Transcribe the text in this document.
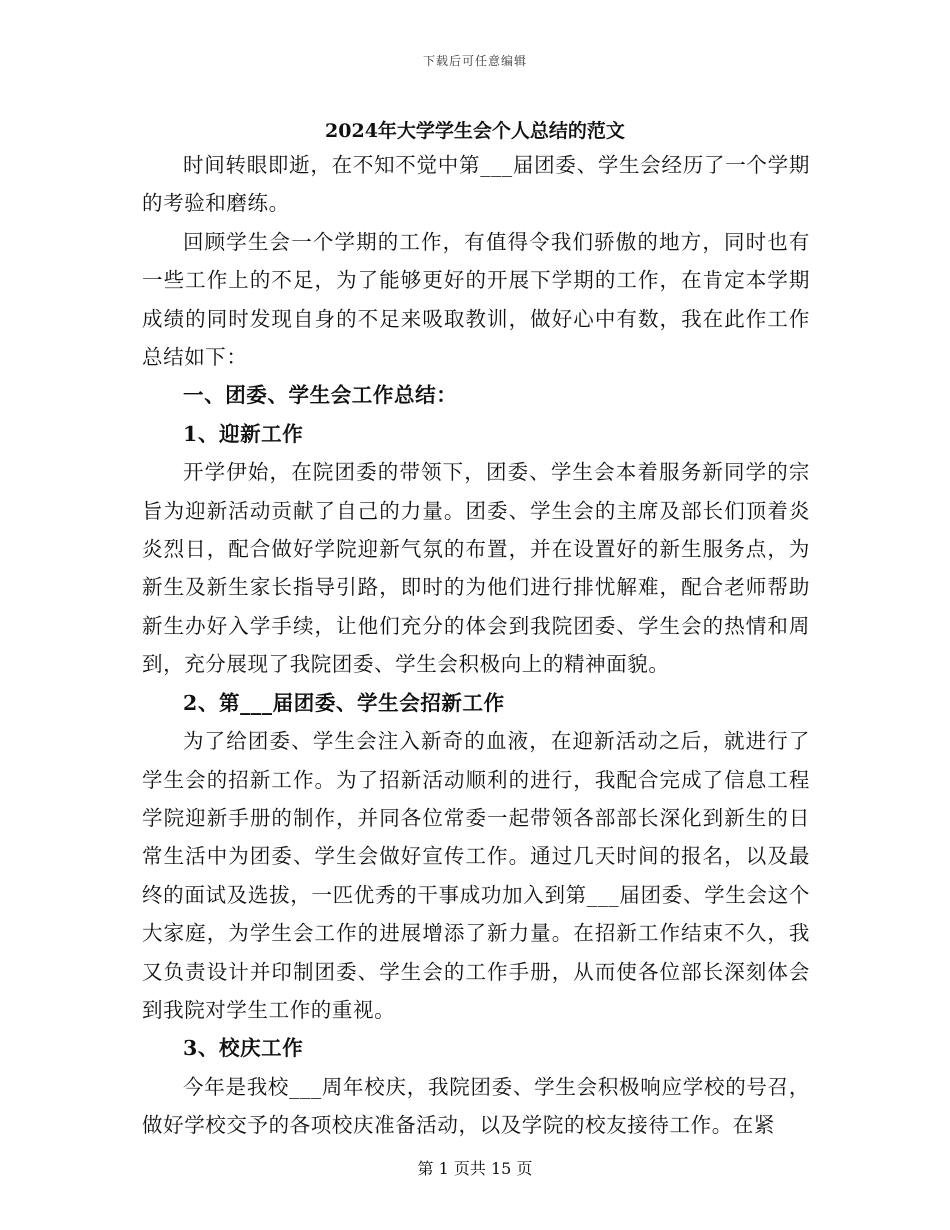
下载后可任意编辑
2024年大学学生会个人总结的范文

时间转眼即逝，在不知不觉中第___届团委、学生会经历了一个学期的考验和磨练。

回顾学生会一个学期的工作，有值得令我们骄傲的地方，同时也有一些工作上的不足，为了能够更好的开展下学期的工作，在肯定本学期成绩的同时发现自身的不足来吸取教训，做好心中有数，我在此作工作总结如下：

一、团委、学生会工作总结：

1、迎新工作

开学伊始，在院团委的带领下，团委、学生会本着服务新同学的宗旨为迎新活动贡献了自己的力量。团委、学生会的主席及部长们顶着炎炎烈日，配合做好学院迎新气氛的布置，并在设置好的新生服务点，为新生及新生家长指导引路，即时的为他们进行排忧解难，配合老师帮助新生办好入学手续，让他们充分的体会到我院团委、学生会的热情和周到，充分展现了我院团委、学生会积极向上的精神面貌。

2、第___届团委、学生会招新工作

为了给团委、学生会注入新奇的血液，在迎新活动之后，就进行了学生会的招新工作。为了招新活动顺利的进行，我配合完成了信息工程学院迎新手册的制作，并同各位常委一起带领各部部长深化到新生的日常生活中为团委、学生会做好宣传工作。通过几天时间的报名，以及最终的面试及选拔，一匹优秀的干事成功加入到第___届团委、学生会这个大家庭，为学生会工作的进展增添了新力量。在招新工作结束不久，我又负责设计并印制团委、学生会的工作手册，从而使各位部长深刻体会到我院对学生工作的重视。

3、校庆工作

今年是我校___周年校庆，我院团委、学生会积极响应学校的号召，做好学校交予的各项校庆准备活动，以及学院的校友接待工作。在紧

第 1 页共 15 页
